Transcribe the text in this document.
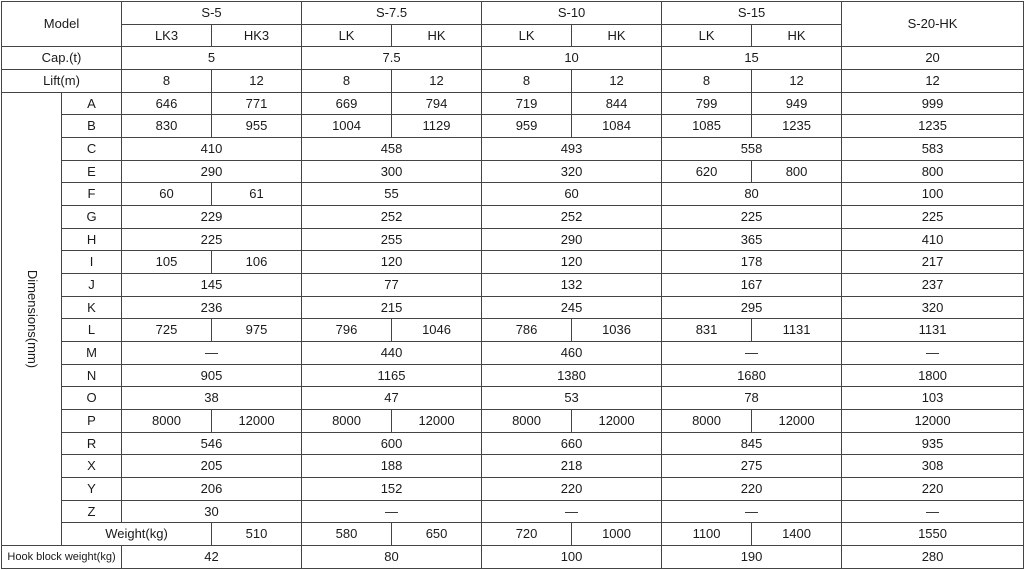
Model		S-5		S-7.5		S-10		S-15		S-20-HK	
		LK3	HK3	LK	HK	LK	HK	LK	HK		
Cap.(t)		5		7.5		10		15		20	
Lift(m)		8	12	8	12	8	12	8	12	12	

Dimensions(mm)	A	646	771	669	794	719	844	799	949	999	
	B	830	955	1004	1129	959	1084	1085	1235	1235	
	C	410		458		493		558		583	
	E	290		300		320		620	800	800	
	F	60	61	55		60		80		100	
	G	229		252		252		225		225	
	H	225		255		290		365		410	
	I	105	106	120		120		178		217	
	J	145		77		132		167		237	
	K	236		215		245		295		320	
	L	725	975	796	1046	786	1036	831	1131	1131	
	M	—		440		460		—		—	
	N	905		1165		1380		1680		1800	
	O	38		47		53		78		103	
	P	8000	12000	8000	12000	8000	12000	8000	12000	12000	
	R	546		600		660		845		935	
	X	205		188		218		275		308	
	Y	206		152		220		220		220	
	Z	30		—		—		—		—	
	Weight(kg)		510	580	650	720	1000	1100	1400	1550	
Hook block weight(kg)		42		80		100		190		280	
